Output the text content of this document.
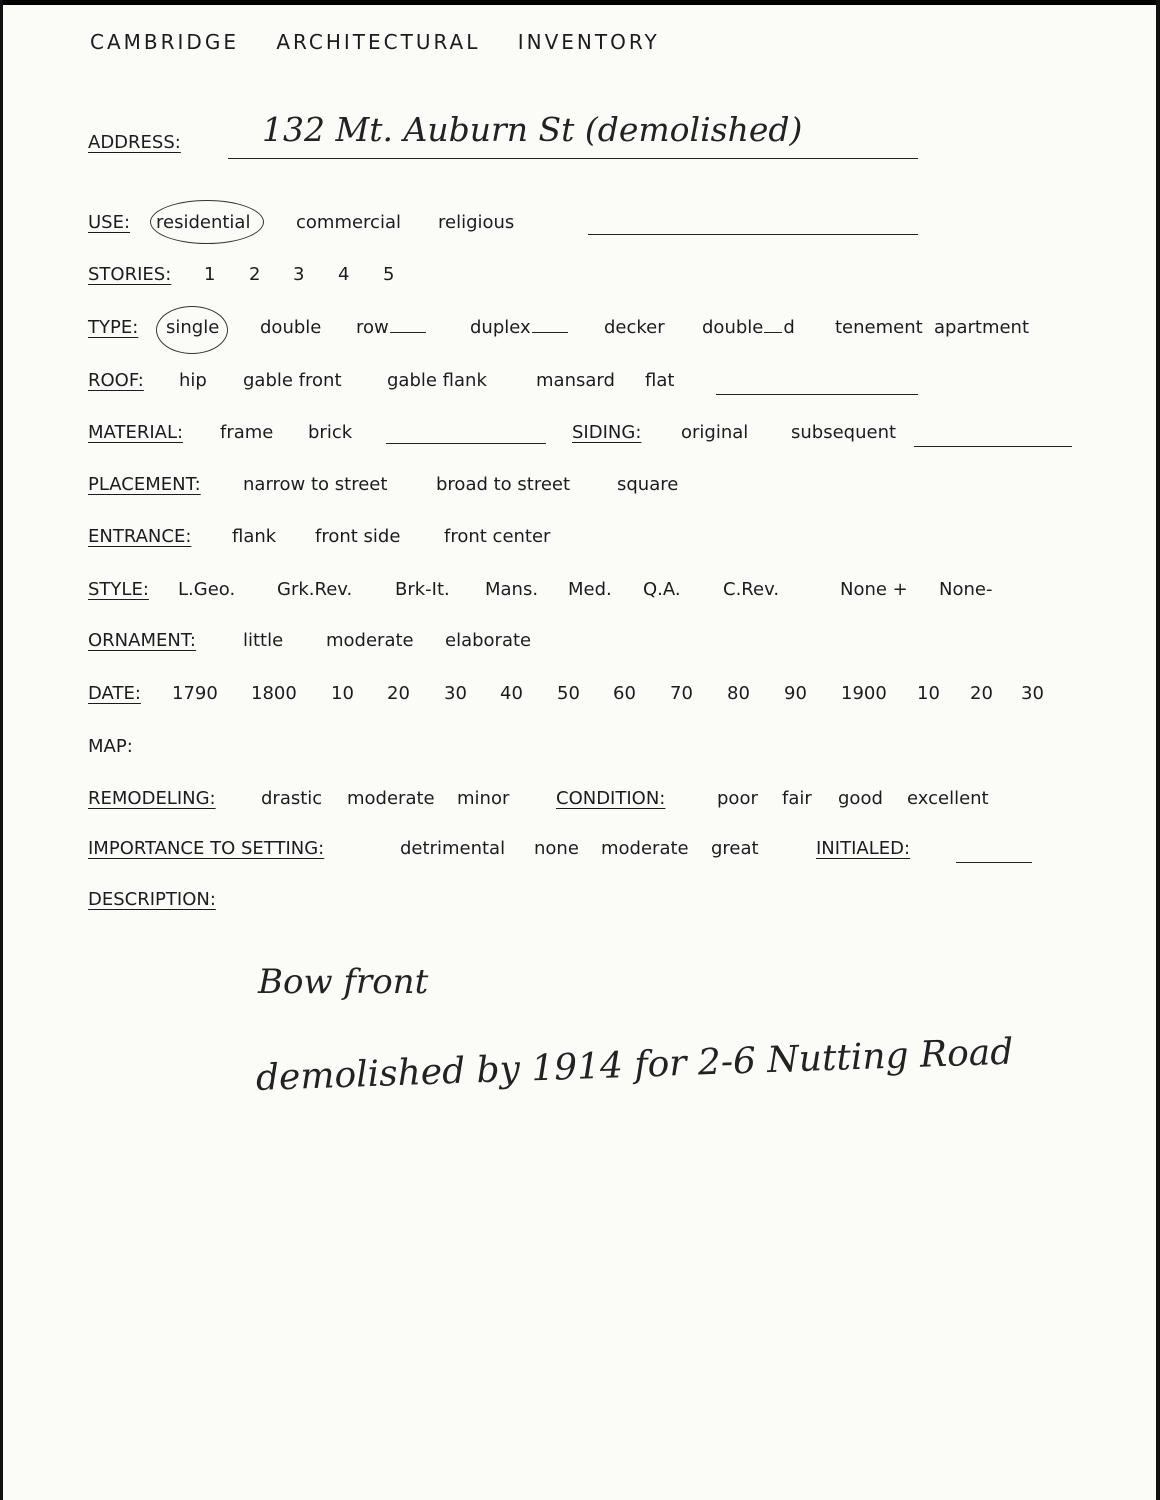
CAMBRIDGE ARCHITECTURAL INVENTORY
ADDRESS: 132 Mt. Auburn St (demolished)
USE: residential	commercial religious
STORIES: 1 2 3 4 5
TYPE: single double row	duplex	decker double d tenement apartment
ROOF: hip gable front	gable flank	mansard flat
MATERIAL: frame brick	SIDING: original subsequent
PLACEMENT: narrow to street	broad to street	square
ENTRANCE: flank front side front center
STYLE: L.Geo. Grk.Rev. Brk-It. Mans. Med. Q.A. C.Rev.	None + None-
ORNAMENT:	little moderate elaborate
DATE: 1790 1800 10 20 30 40 50 60 70 80 90 1900 10 20 30
MAP:
REMODELING:	drastic moderate minor	CONDITION:	poor fair good excellent
IMPORTANCE TO SETTING:	detrimental none moderate great	INITIALED:
DESCRIPTION:
Bow front
demolished by 1914 for 2-6 Nutting Road
